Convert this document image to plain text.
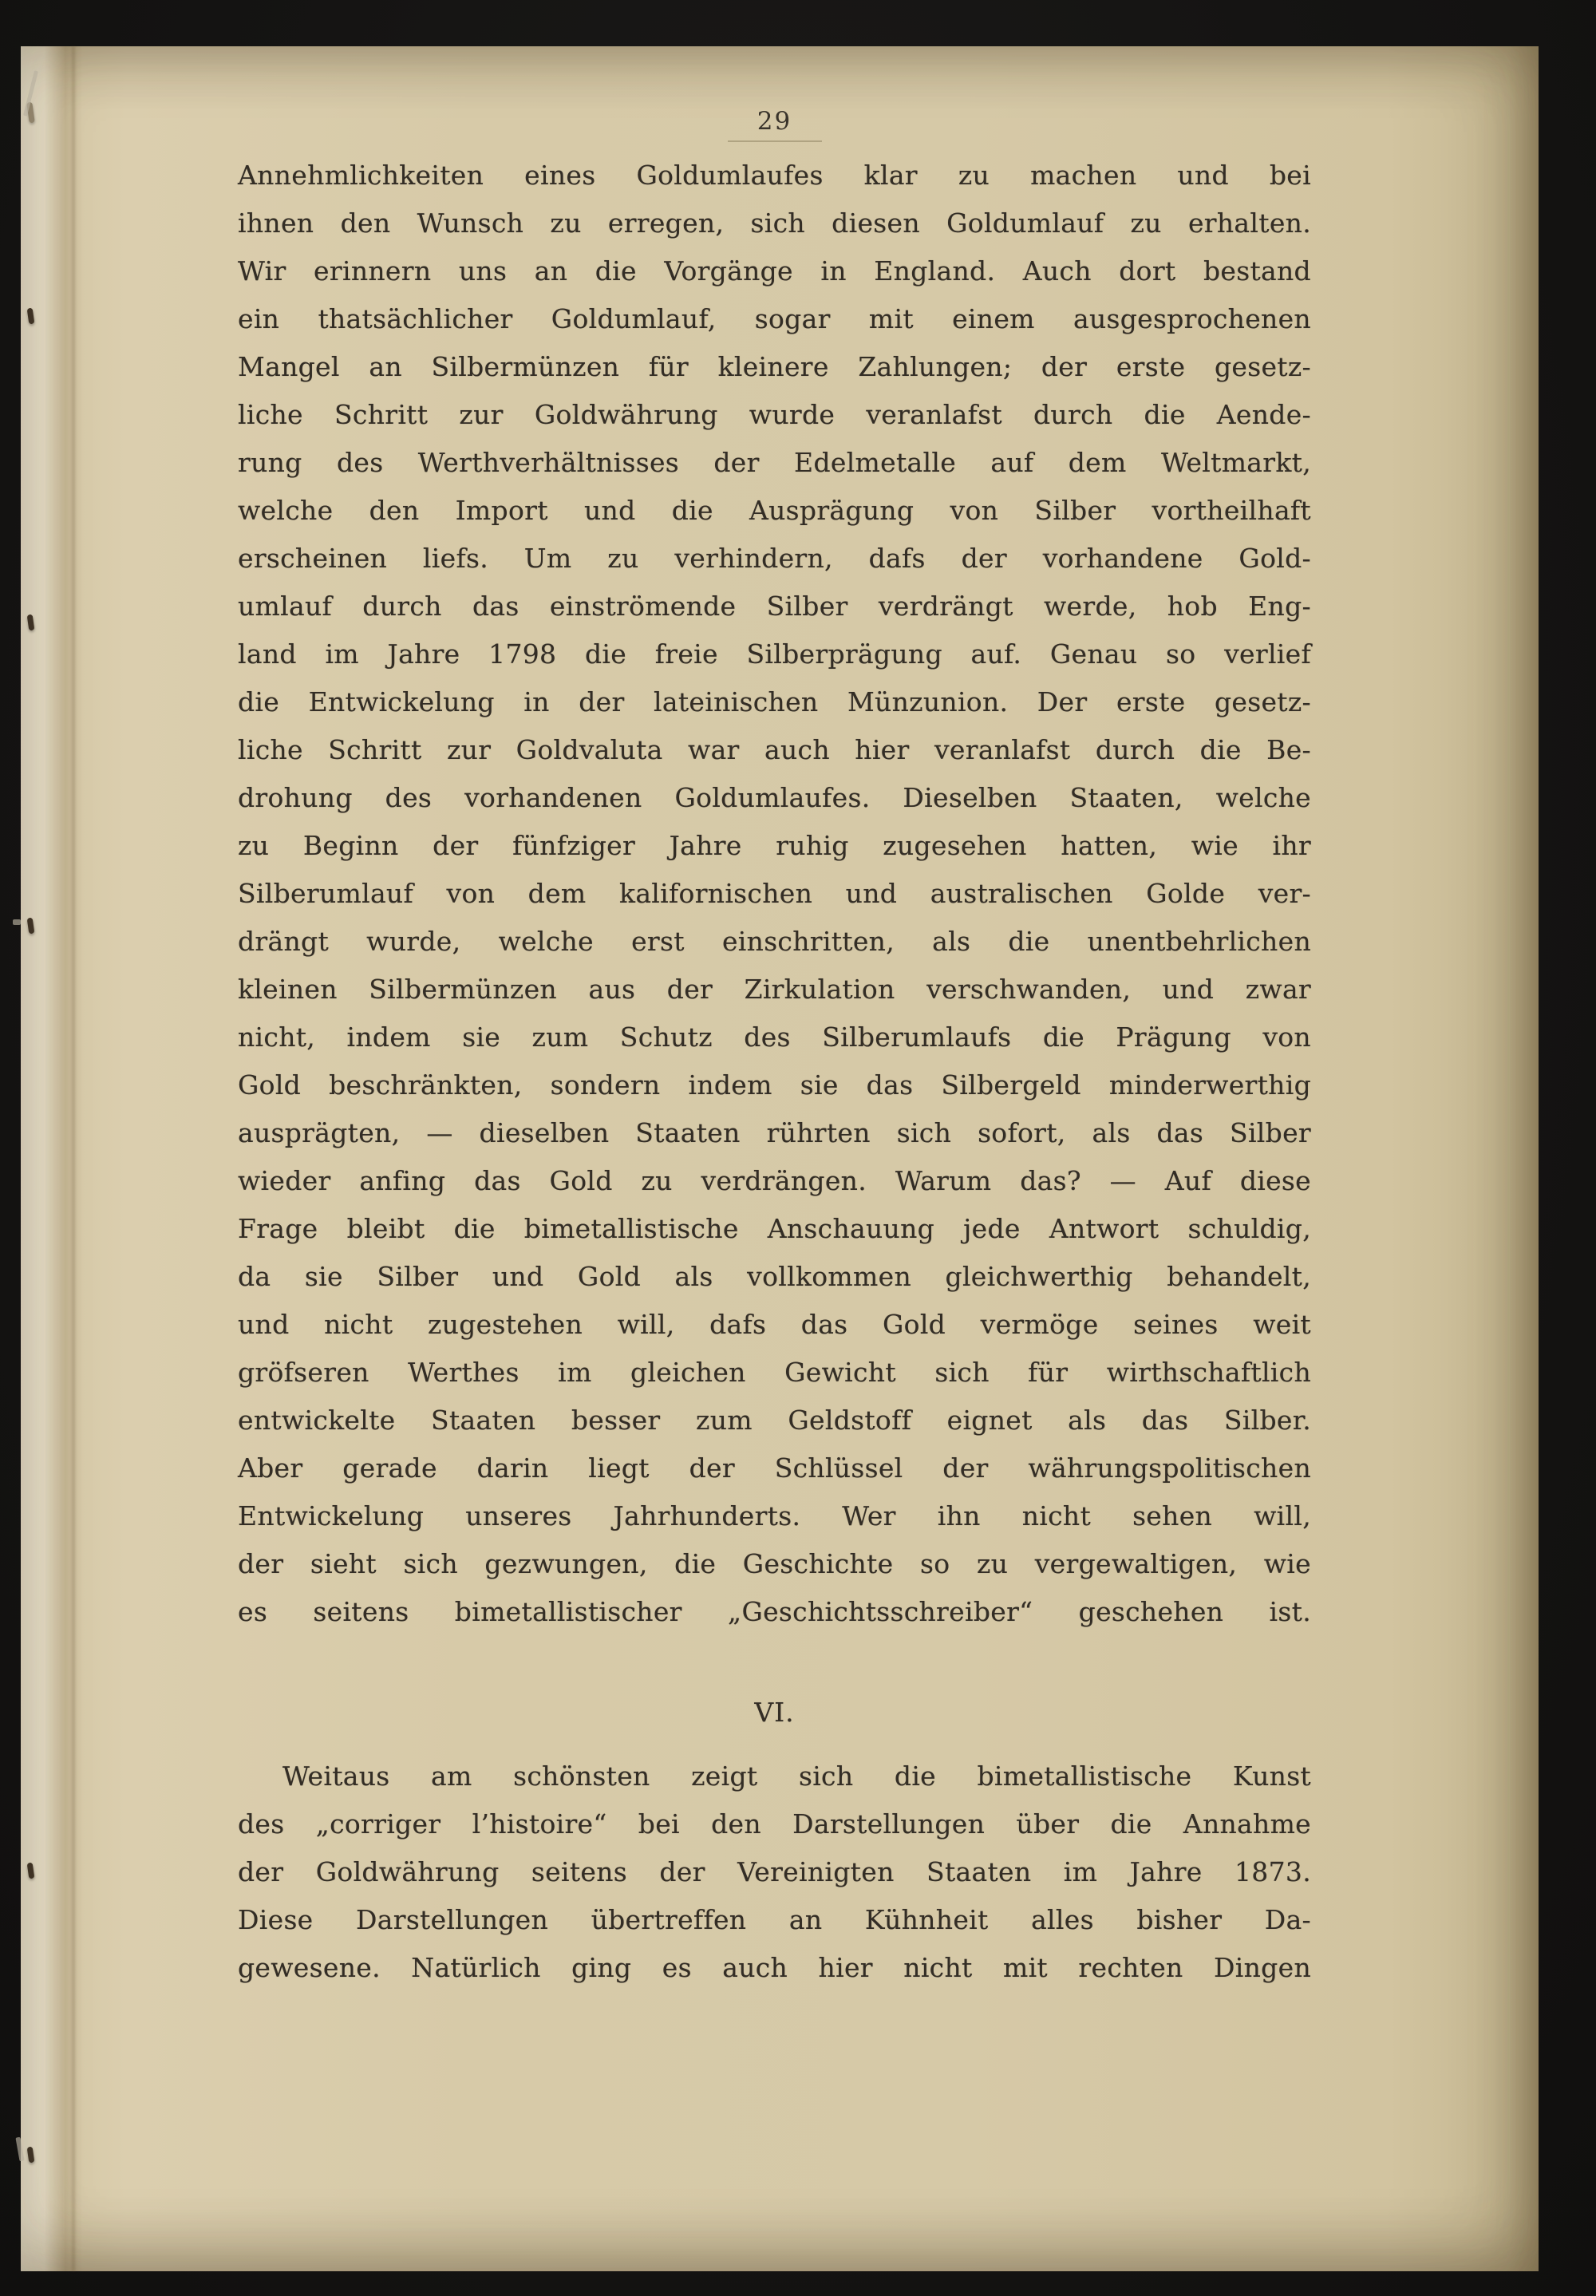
29
Annehmlichkeiten eines Goldumlaufes klar zu machen und bei
ihnen den Wunsch zu erregen, sich diesen Goldumlauf zu erhalten.
Wir erinnern uns an die Vorgänge in England. Auch dort bestand
ein thatsächlicher Goldumlauf, sogar mit einem ausgesprochenen
Mangel an Silbermünzen für kleinere Zahlungen; der erste gesetz-
liche Schritt zur Goldwährung wurde veranlafst durch die Aende-
rung des Werthverhältnisses der Edelmetalle auf dem Weltmarkt,
welche den Import und die Ausprägung von Silber vortheilhaft
erscheinen liefs. Um zu verhindern, dafs der vorhandene Gold-
umlauf durch das einströmende Silber verdrängt werde, hob Eng-
land im Jahre 1798 die freie Silberprägung auf. Genau so verlief
die Entwickelung in der lateinischen Münzunion. Der erste gesetz-
liche Schritt zur Goldvaluta war auch hier veranlafst durch die Be-
drohung des vorhandenen Goldumlaufes. Dieselben Staaten, welche
zu Beginn der fünfziger Jahre ruhig zugesehen hatten, wie ihr
Silberumlauf von dem kalifornischen und australischen Golde ver-
drängt wurde, welche erst einschritten, als die unentbehrlichen
kleinen Silbermünzen aus der Zirkulation verschwanden, und zwar
nicht, indem sie zum Schutz des Silberumlaufs die Prägung von
Gold beschränkten, sondern indem sie das Silbergeld minderwerthig
ausprägten, — dieselben Staaten rührten sich sofort, als das Silber
wieder anfing das Gold zu verdrängen. Warum das? — Auf diese
Frage bleibt die bimetallistische Anschauung jede Antwort schuldig,
da sie Silber und Gold als vollkommen gleichwerthig behandelt,
und nicht zugestehen will, dafs das Gold vermöge seines weit
gröfseren Werthes im gleichen Gewicht sich für wirthschaftlich
entwickelte Staaten besser zum Geldstoff eignet als das Silber.
Aber gerade darin liegt der Schlüssel der währungspolitischen
Entwickelung unseres Jahrhunderts. Wer ihn nicht sehen will,
der sieht sich gezwungen, die Geschichte so zu vergewaltigen, wie
es seitens bimetallistischer „Geschichtsschreiber“ geschehen ist.
VI.
Weitaus am schönsten zeigt sich die bimetallistische Kunst
des „corriger l’histoire“ bei den Darstellungen über die Annahme
der Goldwährung seitens der Vereinigten Staaten im Jahre 1873.
Diese Darstellungen übertreffen an Kühnheit alles bisher Da-
gewesene. Natürlich ging es auch hier nicht mit rechten Dingen
